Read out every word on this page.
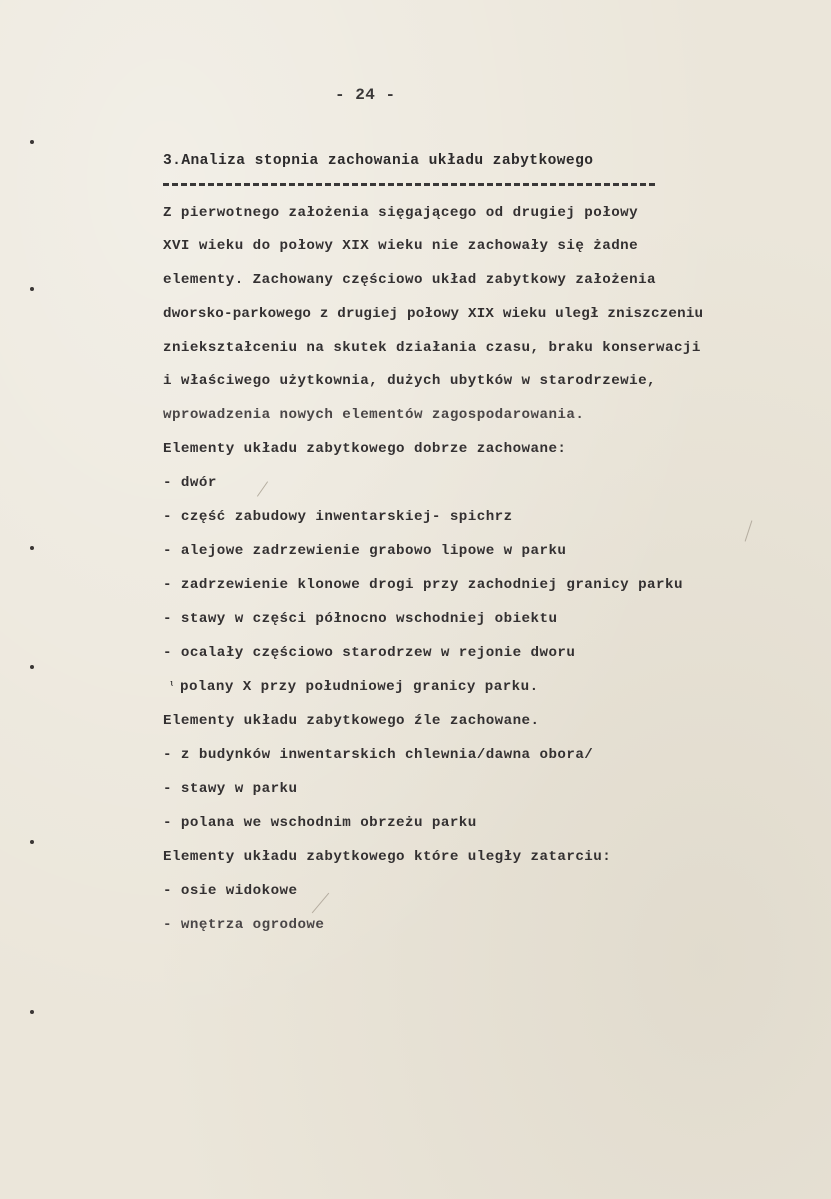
- 24 -
3.Analiza stopnia zachowania układu zabytkowego
Z pierwotnego założenia sięgającego od drugiej połowy
XVI wieku do połowy XIX wieku nie zachowały się żadne
elementy. Zachowany częściowo układ zabytkowy założenia
dworsko-parkowego z drugiej połowy XIX wieku uległ zniszczeniu
zniekształceniu na skutek działania czasu, braku konserwacji
i właściwego użytkownia, dużych ubytków w starodrzewie,
wprowadzenia nowych elementów zagospodarowania.
Elementy układu zabytkowego dobrze zachowane:
- dwór
- część zabudowy inwentarskiej- spichrz
- alejowe zadrzewienie grabowo lipowe w parku
- zadrzewienie klonowe drogi przy zachodniej granicy parku
- stawy w części północno wschodniej obiektu
- ocalały częściowo starodrzew w rejonie dworu
ᶥ polany X przy południowej granicy parku.
Elementy układu zabytkowego źle zachowane.
- z budynków inwentarskich chlewnia/dawna obora/
- stawy w parku
- polana we wschodnim obrzeżu parku
Elementy układu zabytkowego które uległy zatarciu:
- osie widokowe
- wnętrza ogrodowe
